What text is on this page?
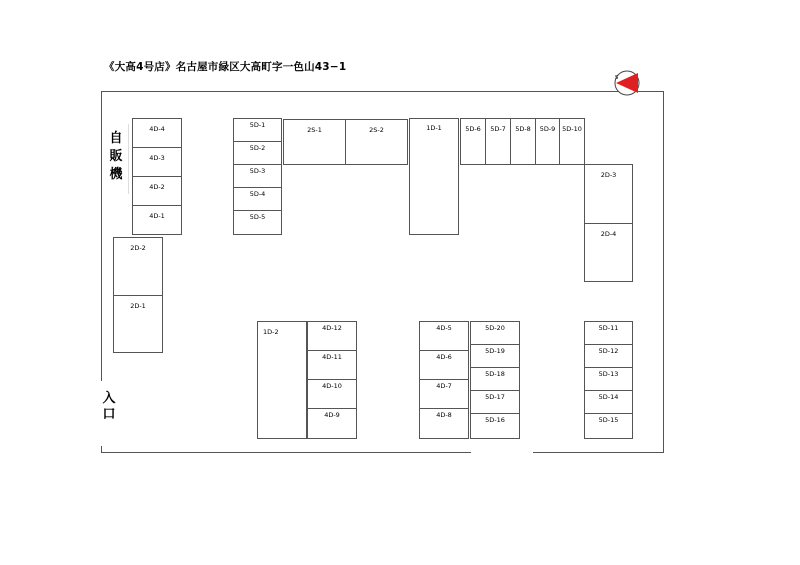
《大高4号店》名古屋市緑区大高町字一色山43−1
自
販
機
入
口
S
4D-4
4D-3
4D-2
4D-1
2D-2
2D-1
5D-1
5D-2
5D-3
5D-4
5D-5
2S-1	2S-2	1D-1	5D-6	5D-7	5D-8	5D-9	5D-10
2D-3
2D-4
1D-2	4D-12
4D-11
4D-10
4D-9
4D-5
4D-6
4D-7
4D-8
5D-20
5D-19
5D-18
5D-17
5D-16
5D-11
5D-12
5D-13
5D-14
5D-15
